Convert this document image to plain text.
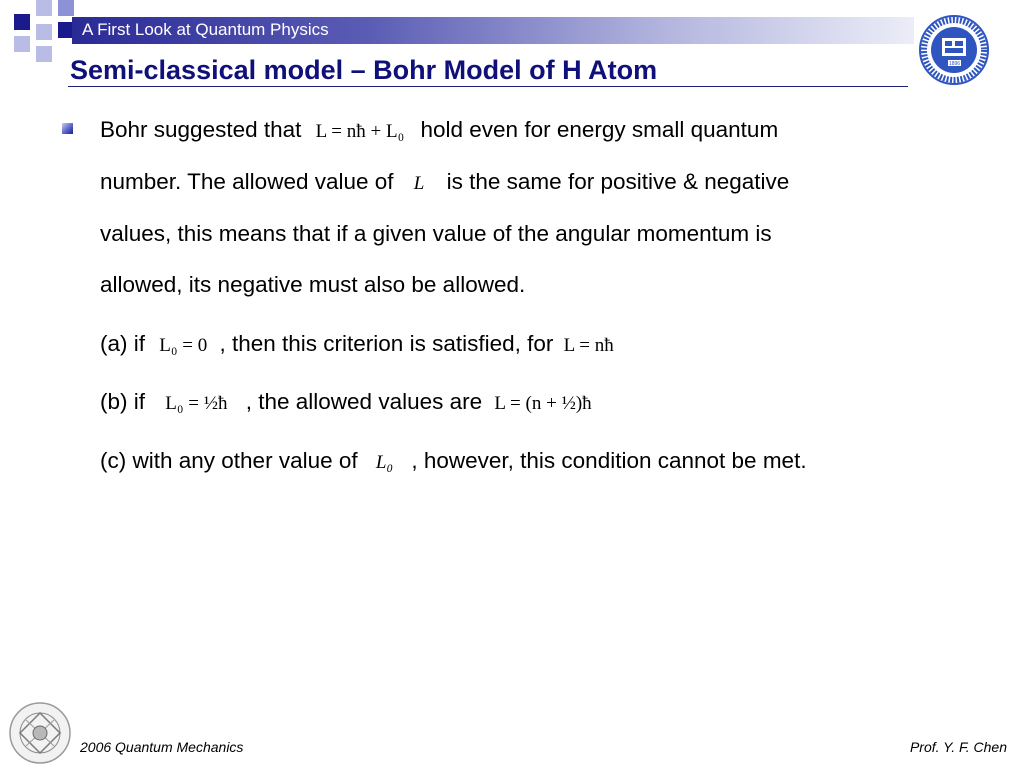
A First Look at Quantum Physics
Semi-classical model – Bohr Model of H Atom	1896
Bohr suggested that L = nħ + L₀ hold even for energy small quantum
number. The allowed value of L is the same for positive & negative
values, this means that if a given value of the angular momentum is
allowed, its negative must also be allowed.
(a) if L₀ = 0 , then this criterion is satisfied, for L = nħ
(b) if L₀ = ½ħ , the allowed values are L = (n + ½)ħ
(c) with any other value of L₀ , however, this condition cannot be met.
2006 Quantum Mechanics	Prof. Y. F. Chen
